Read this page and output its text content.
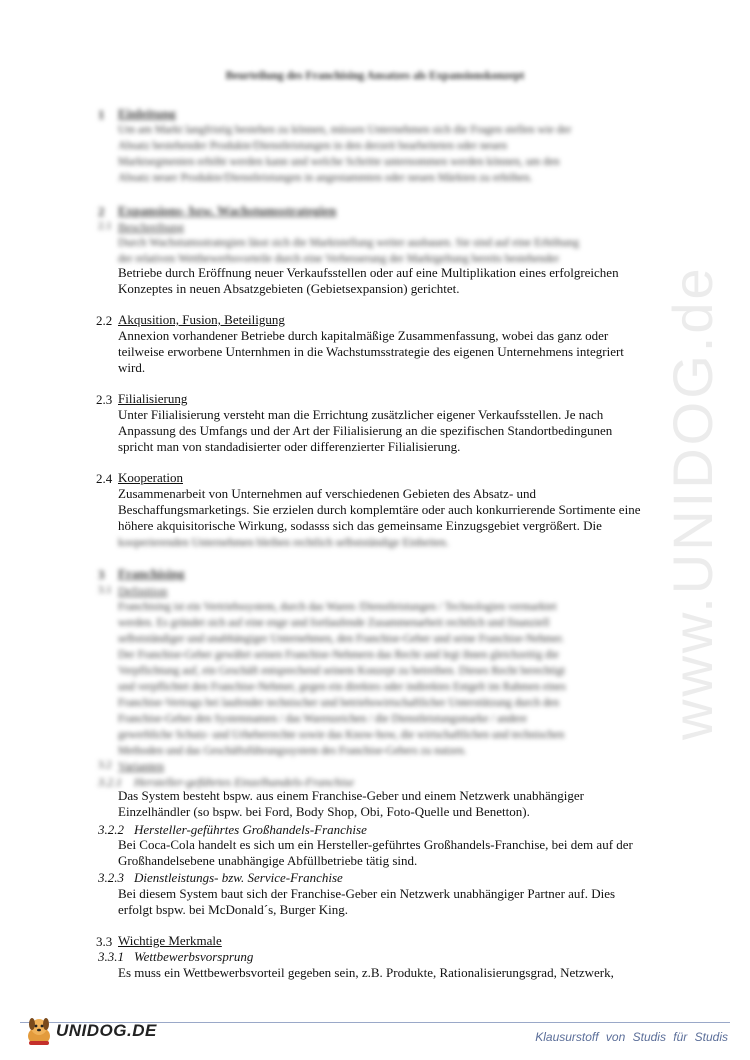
www.UNIDOG.de
Beurteilung des Franchising Ansatzes als Expansionskonzept
1 Einleitung
Um am Markt langfristig bestehen zu können, müssen Unternehmen sich die Fragen stellen wie der
Absatz bestehender Produkte/Dienstleistungen in den derzeit bearbeiteten oder neuen
Marktsegmenten erhöht werden kann und welche Schritte unternommen werden können, um den
Absatz neuer Produkte/Dienstleistungen in angestammten oder neuen Märkten zu erhöhen.
2 Expansions- bzw. Wachstumsstrategien
2.1 Beschreibung
Durch Wachstumsstrategien lässt sich die Marktstellung weiter ausbauen. Sie sind auf eine Erhöhung
der relativen Wettbewerbsvorteile durch eine Verbesserung der Marktgeltung bereits bestehender
Betriebe durch Eröffnung neuer Verkaufsstellen oder auf eine Multiplikation eines erfolgreichen
Konzeptes in neuen Absatzgebieten (Gebietsexpansion) gerichtet.
2.2 Akqusition, Fusion, Beteiligung
Annexion vorhandener Betriebe durch kapitalmäßige Zusammenfassung, wobei das ganz oder
teilweise erworbene Unternhmen in die Wachstumsstrategie des eigenen Unternehmens integriert
wird.
2.3 Filialisierung
Unter Filialisierung versteht man die Errichtung zusätzlicher eigener Verkaufsstellen. Je nach
Anpassung des Umfangs und der Art der Filialisierung an die spezifischen Standortbedingunen
spricht man von standadisierter oder differenzierter Filialisierung.
2.4 Kooperation
Zusammenarbeit von Unternehmen auf verschiedenen Gebieten des Absatz- und
Beschaffungsmarketings. Sie erzielen durch komplemtäre oder auch konkurrierende Sortimente eine
höhere akquisitorische Wirkung, sodasss sich das gemeinsame Einzugsgebiet vergrößert. Die
kooperierenden Unternehmen bleiben rechtlich selbstständige Einheiten.
3 Franchising
3.1 Definition
Franchising ist ein Vertriebssystem, durch das Waren /Dienstleistungen / Technologien vermarktet
werden. Es gründet sich auf eine enge und fortlaufende Zusammenarbeit rechtlich und finanziell
selbstständiger und unabhängiger Unternehmen, den Franchise-Geber und seine Franchise-Nehmer.
Der Franchise-Geber gewährt seinen Franchise-Nehmern das Recht und legt ihnen gleichzeitig die
Verpflichtung auf, ein Geschäft entsprechend seinem Konzept zu betreiben. Dieses Recht berechtigt
und verpflichtet den Franchise-Nehmer, gegen ein direktes oder indirektes Entgelt im Rahmen eines
Franchise-Vertrags bei laufender technischer und betriebswirtschaftlicher Unterstützung durch den
Franchise-Geber den Systemnamen / das Warenzeichen / die Dienstleistungsmarke / andere
gewerbliche Schutz- und Urheberrechte sowie das Know-how, die wirtschaftlichen und technischen
Methoden und das Geschäftsführungssystem des Franchise-Gebers zu nutzen.
3.2 Varianten
3.2.1 Hersteller-geführtes Einzelhandels-Franchise
Das System besteht bspw. aus einem Franchise-Geber und einem Netzwerk unabhängiger
Einzelhändler (so bspw. bei Ford, Body Shop, Obi, Foto-Quelle und Benetton).
3.2.2 Hersteller-geführtes Großhandels-Franchise
Bei Coca-Cola handelt es sich um ein Hersteller-geführtes Großhandels-Franchise, bei dem auf der
Großhandelsebene unabhängige Abfüllbetriebe tätig sind.
3.2.3 Dienstleistungs- bzw. Service-Franchise
Bei diesem System baut sich der Franchise-Geber ein Netzwerk unabhängiger Partner auf. Dies
erfolgt bspw. bei McDonald´s, Burger King.
3.3 Wichtige Merkmale
3.3.1 Wettbewerbsvorsprung
Es muss ein Wettbewerbsvorteil gegeben sein, z.B. Produkte, Rationalisierungsgrad, Netzwerk,
UNIDOG.DE	Klausurstoff von Studis für Studis
